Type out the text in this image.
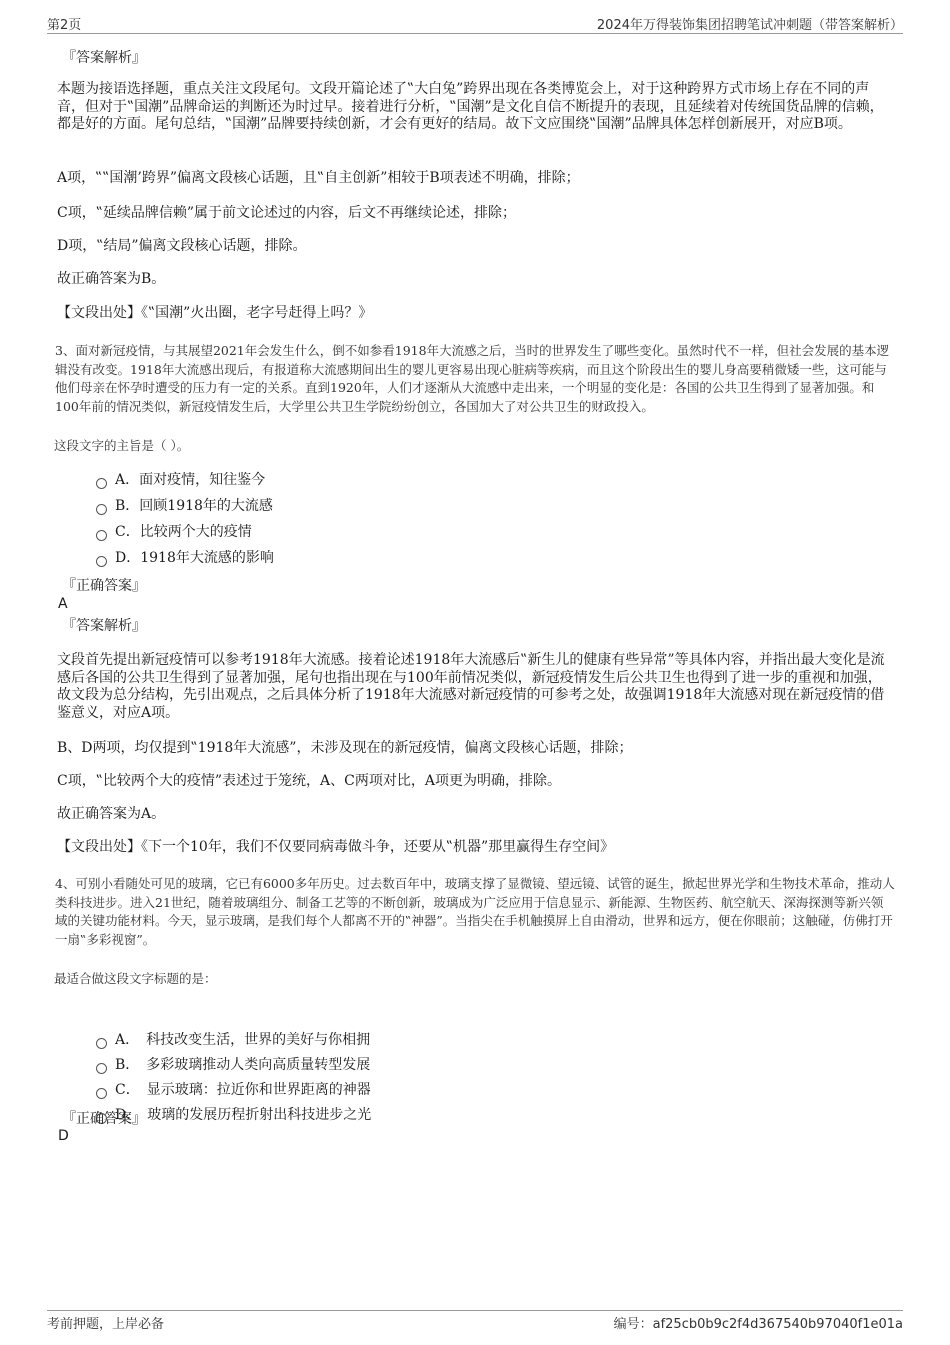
第2页	2024年万得装饰集团招聘笔试冲刺题（带答案解析）
『答案解析』

本题为接语选择题，重点关注文段尾句。文段开篇论述了‟大白兔”跨界出现在各类博览会上，对于这种跨界方式市场上存在不同的声音，但对于‟国潮”品牌命运的判断还为时过早。接着进行分析，‟国潮”是文化自信不断提升的表现，且延续着对传统国货品牌的信赖，都是好的方面。尾句总结，‟国潮”品牌要持续创新，才会有更好的结局。故下文应围绕‟国潮”品牌具体怎样创新展开，对应B项。

A项，‟‟国潮’跨界”偏离文段核心话题，且‟自主创新”相较于B项表述不明确，排除；

C项，‟延续品牌信赖”属于前文论述过的内容，后文不再继续论述，排除；

D项，‟结局”偏离文段核心话题，排除。

故正确答案为B。

【文段出处】《‟国潮”火出圈，老字号赶得上吗？》

3、面对新冠疫情，与其展望2021年会发生什么，倒不如参看1918年大流感之后，当时的世界发生了哪些变化。虽然时代不一样，但社会发展的基本逻辑没有改变。1918年大流感出现后，有报道称大流感期间出生的婴儿更容易出现心脏病等疾病，而且这个阶段出生的婴儿身高要稍微矮一些，这可能与他们母亲在怀孕时遭受的压力有一定的关系。直到1920年，人们才逐渐从大流感中走出来，一个明显的变化是：各国的公共卫生得到了显著加强。和100年前的情况类似，新冠疫情发生后，大学里公共卫生学院纷纷创立，各国加大了对公共卫生的财政投入。

这段文字的主旨是（ ）。
A．面对疫情，知往鉴今
B．回顾1918年的大流感
C．比较两个大的疫情
D．1918年大流感的影响
『正确答案』
A
『答案解析』

文段首先提出新冠疫情可以参考1918年大流感。接着论述1918年大流感后‟新生儿的健康有些异常”等具体内容，并指出最大变化是流感后各国的公共卫生得到了显著加强，尾句也指出现在与100年前情况类似，新冠疫情发生后公共卫生也得到了进一步的重视和加强，故文段为总分结构，先引出观点，之后具体分析了1918年大流感对新冠疫情的可参考之处，故强调1918年大流感对现在新冠疫情的借鉴意义，对应A项。

B、D两项，均仅提到‟1918年大流感”，未涉及现在的新冠疫情，偏离文段核心话题，排除；

C项，‟比较两个大的疫情”表述过于笼统，A、C两项对比，A项更为明确，排除。

故正确答案为A。

【文段出处】《下一个10年，我们不仅要同病毒做斗争，还要从‟机器”那里赢得生存空间》

4、可别小看随处可见的玻璃，它已有6000多年历史。过去数百年中，玻璃支撑了显微镜、望远镜、试管的诞生，掀起世界光学和生物技术革命，推动人类科技进步。进入21世纪，随着玻璃组分、制备工艺等的不断创新，玻璃成为广泛应用于信息显示、新能源、生物医药、航空航天、深海探测等新兴领域的关键功能材料。今天，显示玻璃，是我们每个人都离不开的‟神器”。当指尖在手机触摸屏上自由滑动，世界和远方，便在你眼前；这触碰，仿佛打开一扇‟多彩视窗”。

最适合做这段文字标题的是：
A．　科技改变生活，世界的美好与你相拥
B．　多彩玻璃推动人类向高质量转型发展
C．　显示玻璃：拉近你和世界距离的神器
D．　玻璃的发展历程折射出科技进步之光
『正确答案』
D
考前押题，上岸必备	编号：af25cb0b9c2f4d367540b97040f1e01a
